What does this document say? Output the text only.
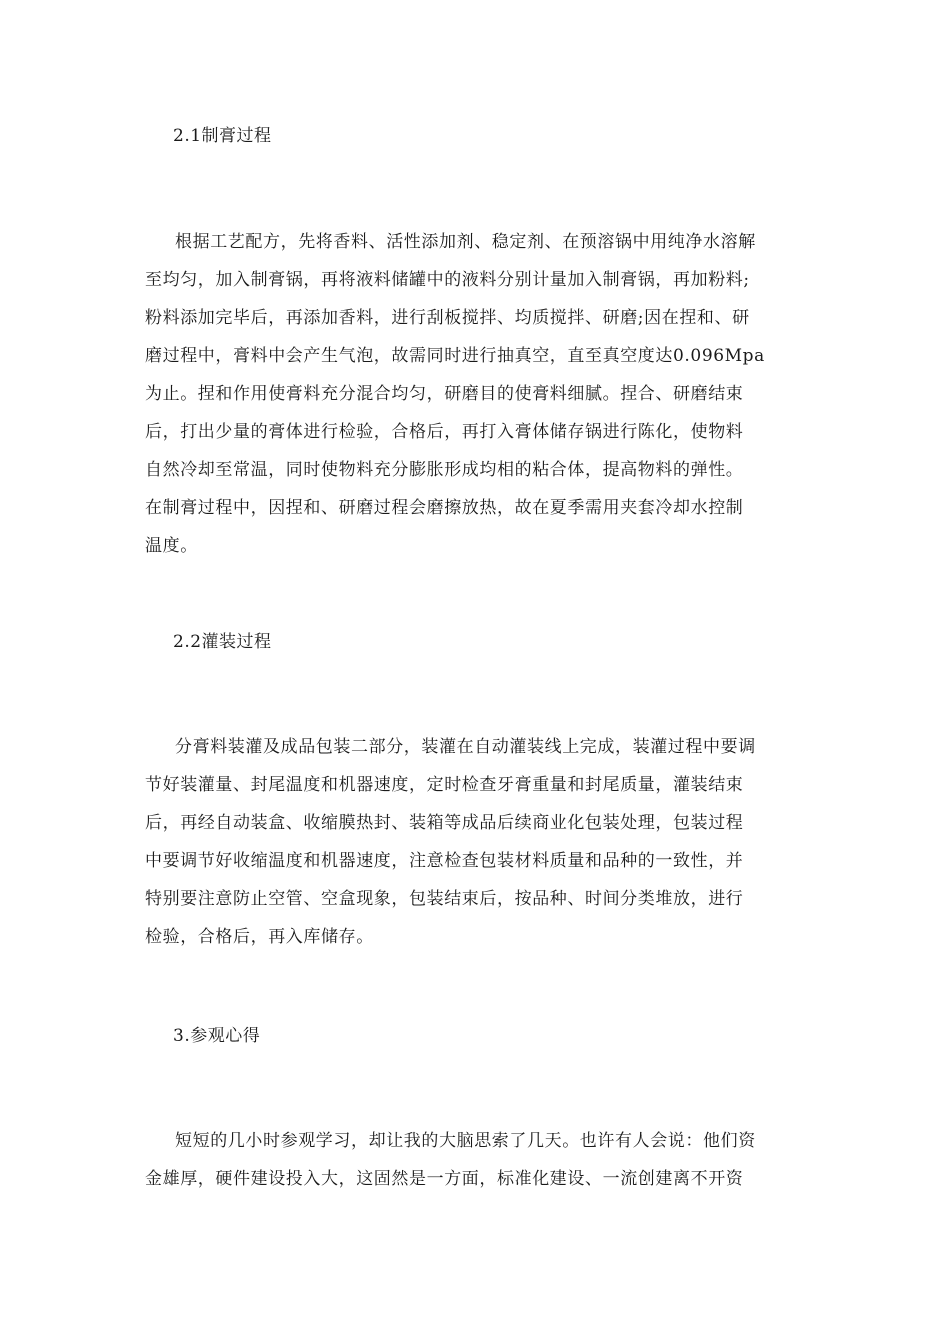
2.1制膏过程
根据工艺配方，先将香料、活性添加剂、稳定剂、在预溶锅中用纯净水溶解
至均匀，加入制膏锅，再将液料储罐中的液料分别计量加入制膏锅，再加粉料;
粉料添加完毕后，再添加香料，进行刮板搅拌、均质搅拌、研磨;因在捏和、研
磨过程中，膏料中会产生气泡，故需同时进行抽真空，直至真空度达0.096Mpa
为止。捏和作用使膏料充分混合均匀，研磨目的使膏料细腻。捏合、研磨结束
后，打出少量的膏体进行检验，合格后，再打入膏体储存锅进行陈化，使物料
自然冷却至常温，同时使物料充分膨胀形成均相的粘合体，提高物料的弹性。
在制膏过程中，因捏和、研磨过程会磨擦放热，故在夏季需用夹套冷却水控制
温度。
2.2灌装过程
分膏料装灌及成品包装二部分，装灌在自动灌装线上完成，装灌过程中要调
节好装灌量、封尾温度和机器速度，定时检查牙膏重量和封尾质量，灌装结束
后，再经自动装盒、收缩膜热封、装箱等成品后续商业化包装处理，包装过程
中要调节好收缩温度和机器速度，注意检查包装材料质量和品种的一致性，并
特别要注意防止空管、空盒现象，包装结束后，按品种、时间分类堆放，进行
检验，合格后，再入库储存。
3.参观心得
短短的几小时参观学习，却让我的大脑思索了几天。也许有人会说：他们资
金雄厚，硬件建设投入大，这固然是一方面，标准化建设、一流创建离不开资
